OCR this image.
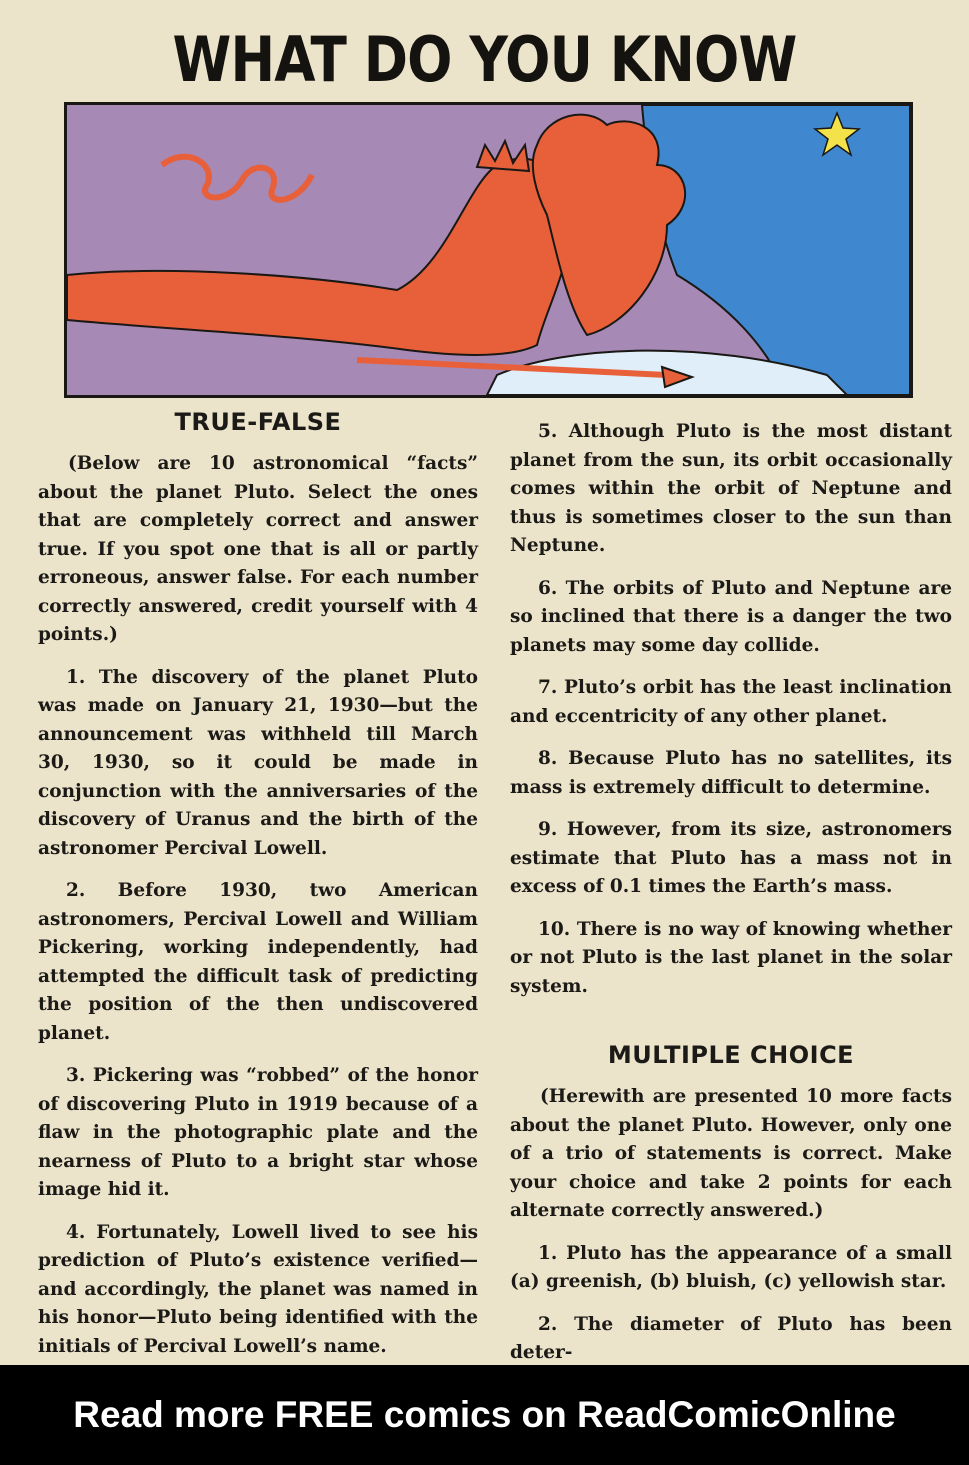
WHAT DO YOU KNOW
TRUE-FALSE

(Below are 10 astronomical “facts” about the planet Pluto. Select the ones that are completely correct and answer true. If you spot one that is all or partly erroneous, answer false. For each number correctly answered, credit yourself with 4 points.)

1. The discovery of the planet Pluto was made on January 21, 1930—but the announcement was withheld till March 30, 1930, so it could be made in conjunction with the anniversaries of the discovery of Uranus and the birth of the astronomer Percival Lowell.

2. Before 1930, two American astronomers, Percival Lowell and William Pickering, working independently, had attempted the difficult task of predicting the position of the then undiscovered planet.

3. Pickering was “robbed” of the honor of discovering Pluto in 1919 because of a flaw in the photographic plate and the nearness of Pluto to a bright star whose image hid it.

4. Fortunately, Lowell lived to see his prediction of Pluto’s existence verified—and accordingly, the planet was named in his honor—Pluto being identified with the initials of Percival Lowell’s name.

5. Although Pluto is the most distant planet from the sun, its orbit occasionally comes within the orbit of Neptune and thus is sometimes closer to the sun than Neptune.

6. The orbits of Pluto and Neptune are so inclined that there is a danger the two planets may some day collide.

7. Pluto’s orbit has the least inclination and eccentricity of any other planet.

8. Because Pluto has no satellites, its mass is extremely difficult to determine.

9. However, from its size, astronomers estimate that Pluto has a mass not in excess of 0.1 times the Earth’s mass.

10. There is no way of knowing whether or not Pluto is the last planet in the solar system.

MULTIPLE CHOICE

(Herewith are presented 10 more facts about the planet Pluto. However, only one of a trio of statements is correct. Make your choice and take 2 points for each alternate correctly answered.)

1. Pluto has the appearance of a small (a) greenish, (b) bluish, (c) yellowish star.

2. The diameter of Pluto has been deter-

Read more FREE comics on ReadComicOnline
